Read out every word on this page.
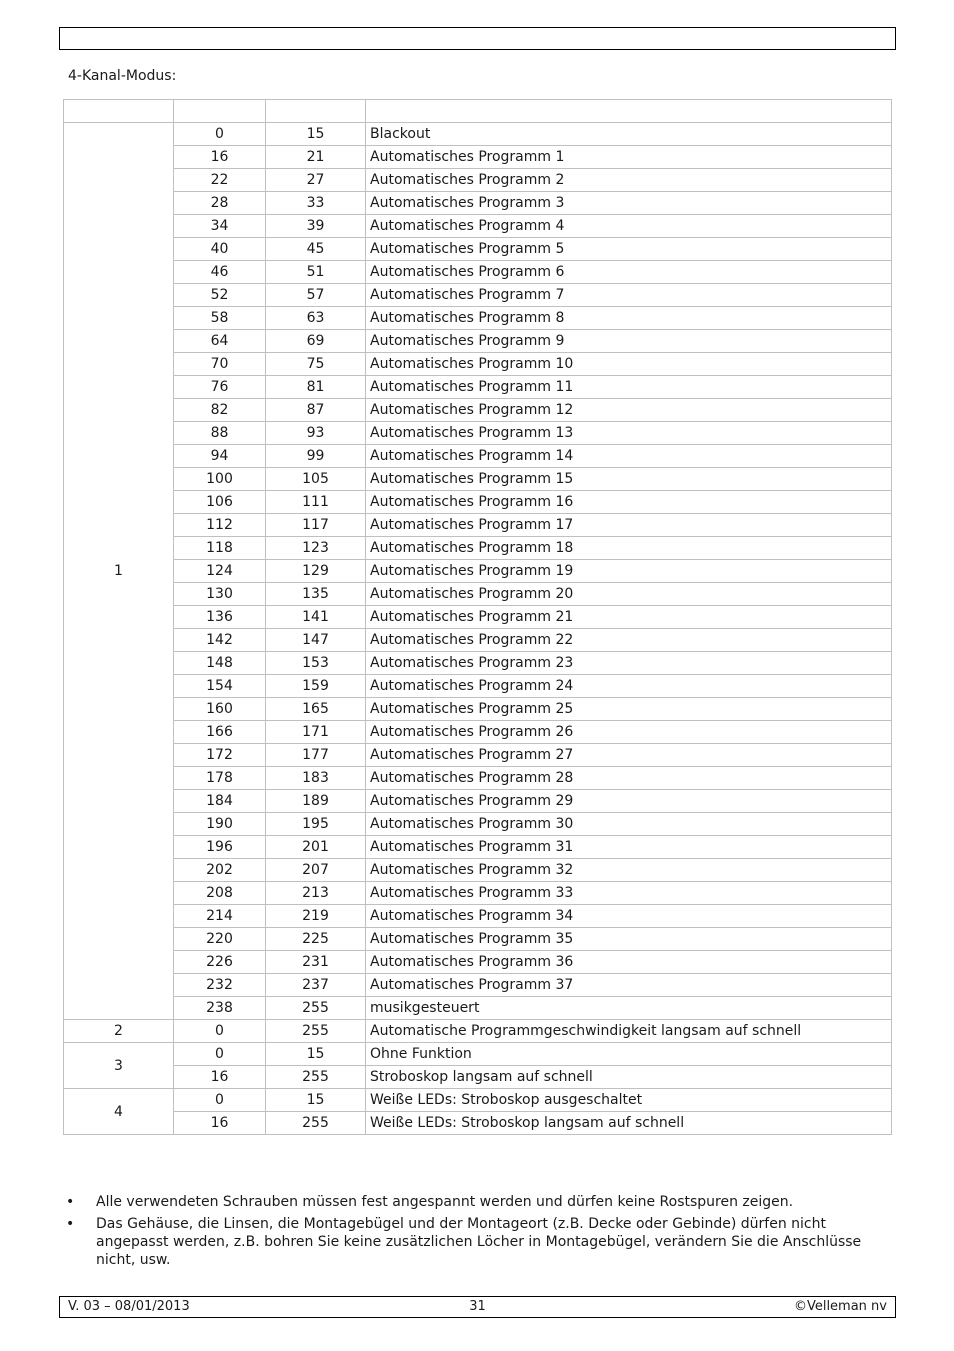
4-Kanal-Modus:

1	0	15	Blackout
	16	21	Automatisches Programm 1
	22	27	Automatisches Programm 2
	28	33	Automatisches Programm 3
	34	39	Automatisches Programm 4
	40	45	Automatisches Programm 5
	46	51	Automatisches Programm 6
	52	57	Automatisches Programm 7
	58	63	Automatisches Programm 8
	64	69	Automatisches Programm 9
	70	75	Automatisches Programm 10
	76	81	Automatisches Programm 11
	82	87	Automatisches Programm 12
	88	93	Automatisches Programm 13
	94	99	Automatisches Programm 14
	100	105	Automatisches Programm 15
	106	111	Automatisches Programm 16
	112	117	Automatisches Programm 17
	118	123	Automatisches Programm 18
	124	129	Automatisches Programm 19
	130	135	Automatisches Programm 20
	136	141	Automatisches Programm 21
	142	147	Automatisches Programm 22
	148	153	Automatisches Programm 23
	154	159	Automatisches Programm 24
	160	165	Automatisches Programm 25
	166	171	Automatisches Programm 26
	172	177	Automatisches Programm 27
	178	183	Automatisches Programm 28
	184	189	Automatisches Programm 29
	190	195	Automatisches Programm 30
	196	201	Automatisches Programm 31
	202	207	Automatisches Programm 32
	208	213	Automatisches Programm 33
	214	219	Automatisches Programm 34
	220	225	Automatisches Programm 35
	226	231	Automatisches Programm 36
	232	237	Automatisches Programm 37
	238	255	musikgesteuert
2	0	255	Automatische Programmgeschwindigkeit langsam auf schnell
3	0	15	Ohne Funktion
	16	255	Stroboskop langsam auf schnell
4	0	15	Weiße LEDs: Stroboskop ausgeschaltet
	16	255	Weiße LEDs: Stroboskop langsam auf schnell
• Alle verwendeten Schrauben müssen fest angespannt werden und dürfen keine Rostspuren zeigen.
• Das Gehäuse, die Linsen, die Montagebügel und der Montageort (z.B. Decke oder Gebinde) dürfen nicht angepasst werden, z.B. bohren Sie keine zusätzlichen Löcher in Montagebügel, verändern Sie die Anschlüsse nicht, usw.
31
V. 03 – 08/01/2013	©Velleman nv
